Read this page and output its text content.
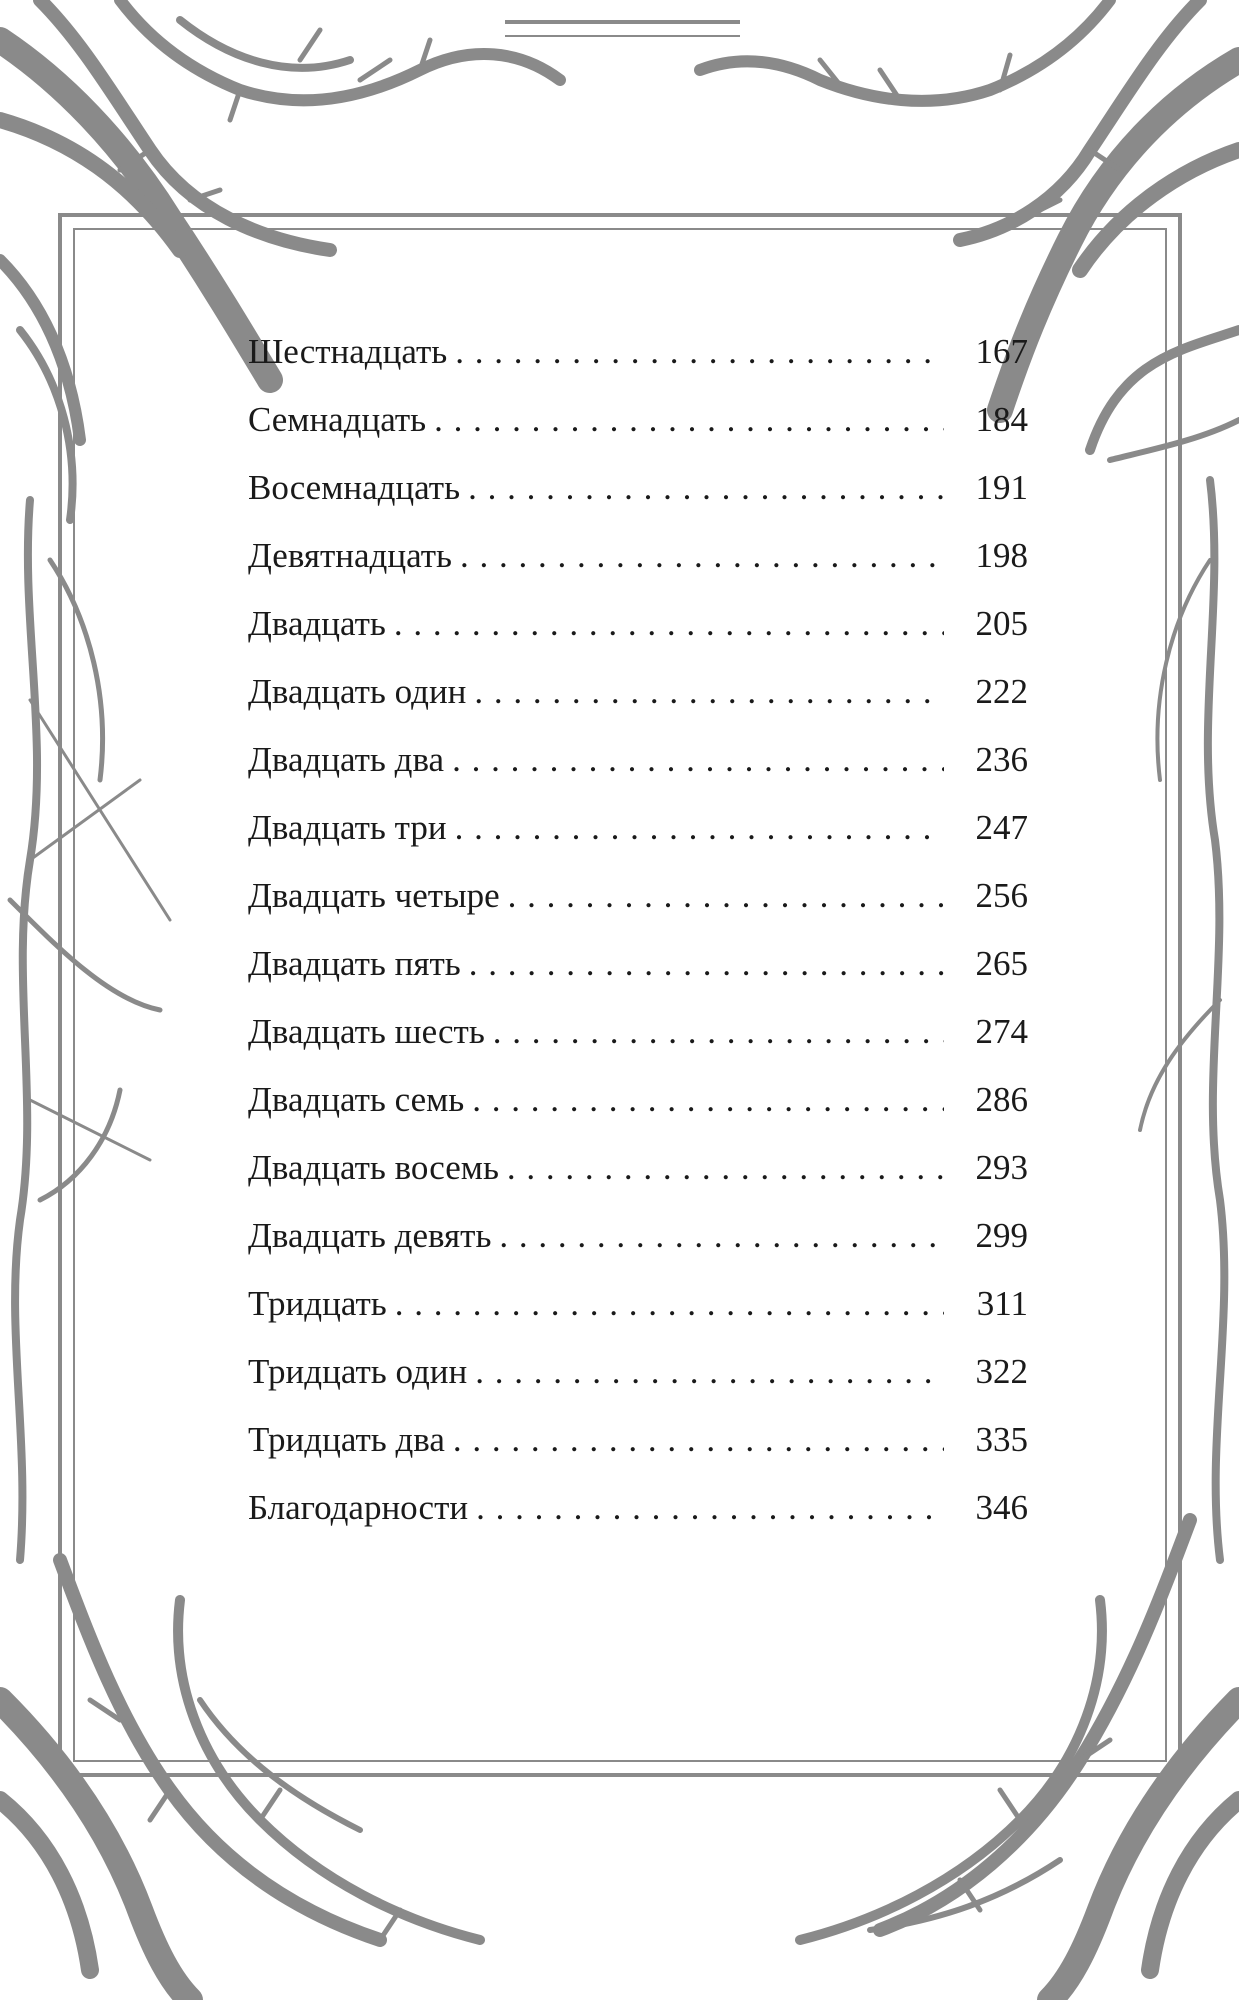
Шестнадцать . . .	167
Семнадцать . . .	184
Восемнадцать . . .	191
Девятнадцать . . .	198
Двадцать . . .	205
Двадцать один . . .	222
Двадцать два . . .	236
Двадцать три . . .	247
Двадцать четыре . . .	256
Двадцать пять . . .	265
Двадцать шесть . . .	274
Двадцать семь . . .	286
Двадцать восемь . . .	293
Двадцать девять . . .	299
Тридцать . . .	311
Тридцать один . . .	322
Тридцать два . . .	335
Благодарности . . .	346
